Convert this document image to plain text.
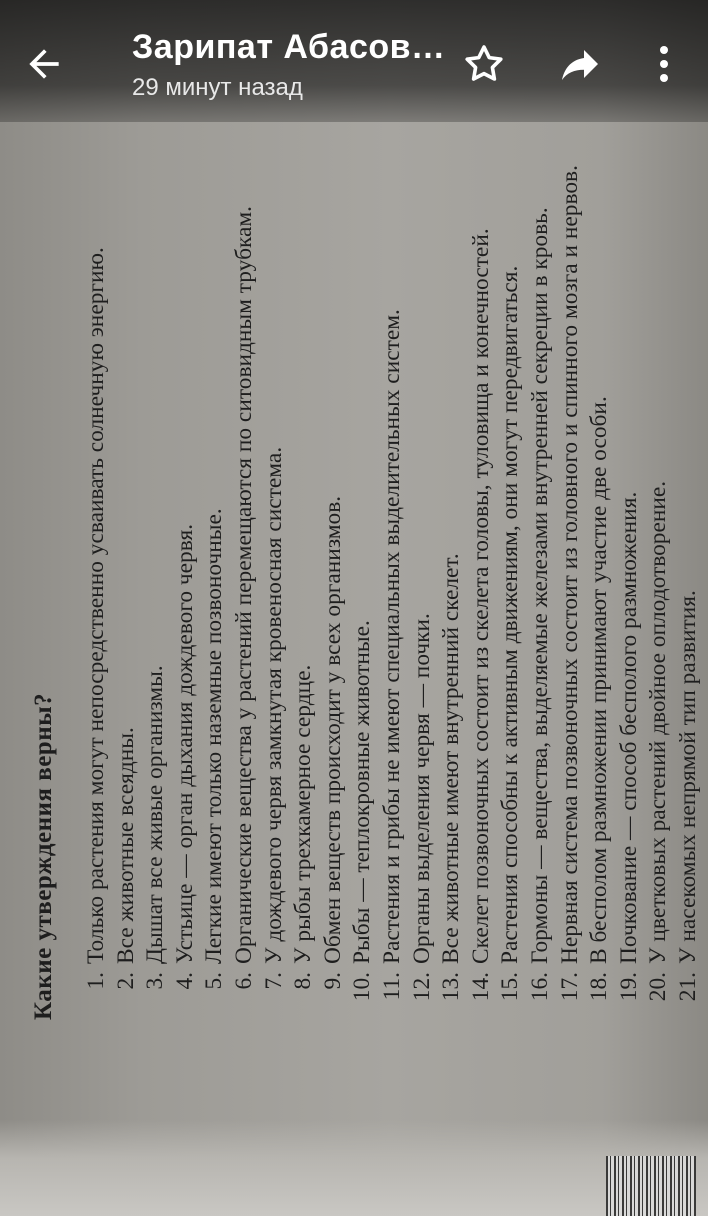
Какие утверждения верны? 1.
Только растения могут непосредственно усваивать солнечную энергию.
2.
Все животные всеядны.
3.
Дышат все живые организмы.
4.
Устьице — орган дыхания дождевого червя.
5.
Легкие имеют только наземные позвоночные.
6.
Органические вещества у растений перемещаются по ситовидным трубкам.
7.
У дождевого червя замкнутая кровеносная система.
8.
У рыбы трехкамерное сердце.
9.
Обмен веществ происходит у всех организмов.
10.
Рыбы — теплокровные животные.
11.
Растения и грибы не имеют специальных выделительных систем.
12.
Органы выделения червя — почки.
13.
Все животные имеют внутренний скелет.
14.
Скелет позвоночных состоит из скелета головы, туловища и конечностей.
15.
Растения способны к активным движениям, они могут передвигаться.
16.
Гормоны — вещества, выделяемые железами внутренней секреции в кровь.
17.
Нервная система позвоночных состоит из головного и спинного мозга и нервов.
18.
В бесполом размножении принимают участие две особи.
19.
Почкование — способ бесполого размножения.
20.
У цветковых растений двойное оплодотворение.
21.
У насекомых непрямой тип развития.
Зарипат Абасов…
29 минут назад
